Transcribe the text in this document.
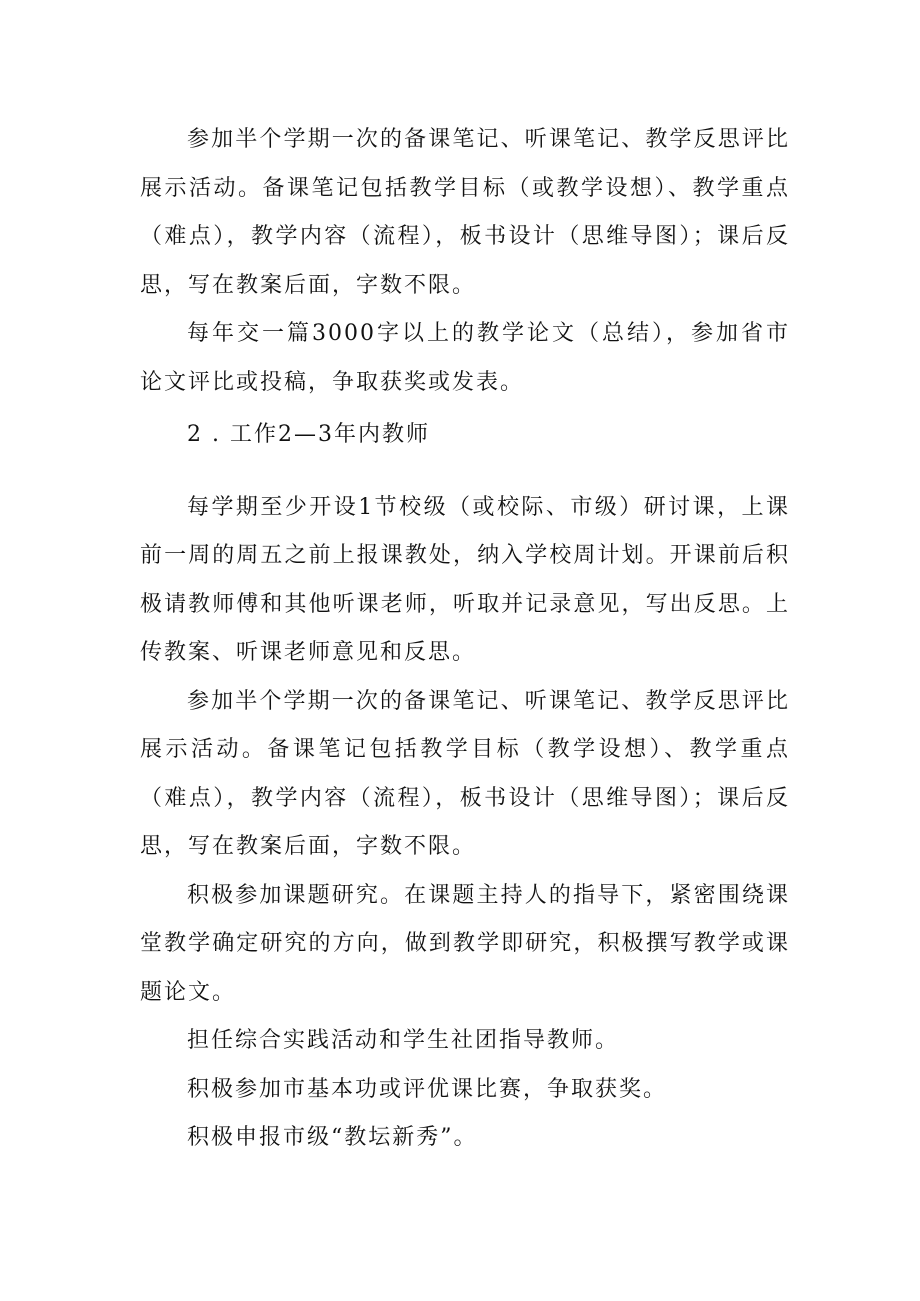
参加半个学期一次的备课笔记、听课笔记、教学反思评比展示活动。备课笔记包括教学目标（或教学设想）、教学重点（难点），教学内容（流程），板书设计（思维导图）；课后反思，写在教案后面，字数不限。

每年交一篇3000字以上的教学论文（总结），参加省市论文评比或投稿，争取获奖或发表。

2 . 工作2—3年内教师

每学期至少开设1节校级（或校际、市级）研讨课，上课前一周的周五之前上报课教处，纳入学校周计划。开课前后积极请教师傅和其他听课老师，听取并记录意见，写出反思。上传教案、听课老师意见和反思。

参加半个学期一次的备课笔记、听课笔记、教学反思评比展示活动。备课笔记包括教学目标（教学设想）、教学重点（难点），教学内容（流程），板书设计（思维导图）；课后反思，写在教案后面，字数不限。

积极参加课题研究。在课题主持人的指导下，紧密围绕课堂教学确定研究的方向，做到教学即研究，积极撰写教学或课题论文。

担任综合实践活动和学生社团指导教师。

积极参加市基本功或评优课比赛，争取获奖。

积极申报市级“教坛新秀”。
